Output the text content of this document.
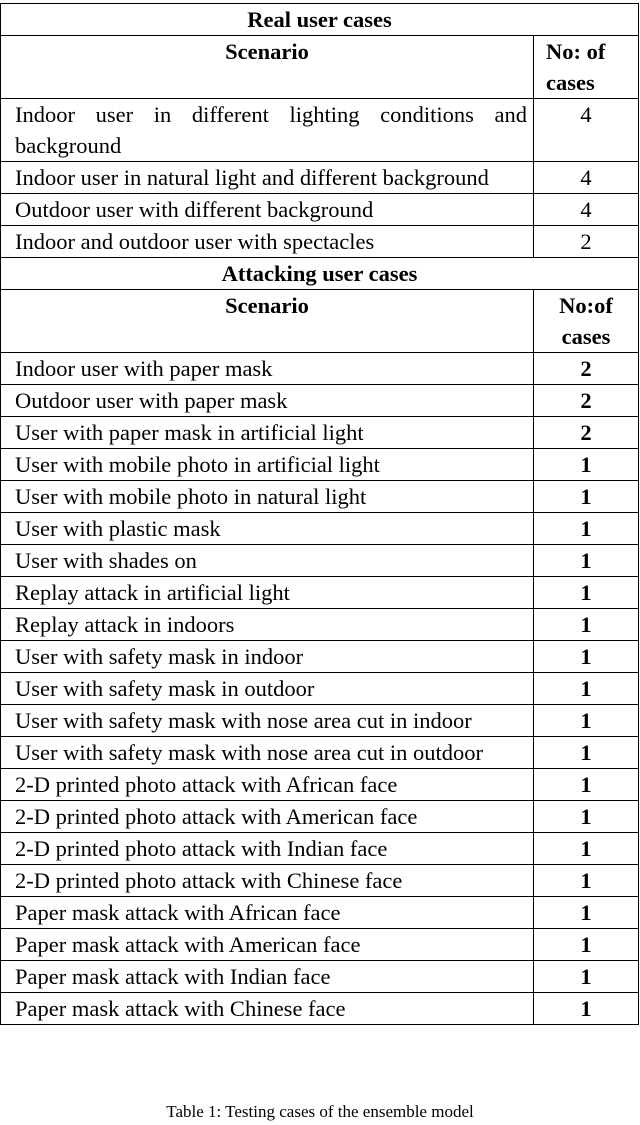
Real user cases	
Scenario	No: of cases
Indoor user in different lighting conditions and background	4
Indoor user in natural light and different background	4
Outdoor user with different background	4
Indoor and outdoor user with spectacles	2
Attacking user cases	
Scenario	No:of cases
Indoor user with paper mask	2
Outdoor user with paper mask	2
User with paper mask in artificial light	2
User with mobile photo in artificial light	1
User with mobile photo in natural light	1
User with plastic mask	1
User with shades on	1
Replay attack in artificial light	1
Replay attack in indoors	1
User with safety mask in indoor	1
User with safety mask in outdoor	1
User with safety mask with nose area cut in indoor	1
User with safety mask with nose area cut in outdoor	1
2-D printed photo attack with African face	1
2-D printed photo attack with American face	1
2-D printed photo attack with Indian face	1
2-D printed photo attack with Chinese face	1
Paper mask attack with African face	1
Paper mask attack with American face	1
Paper mask attack with Indian face	1
Paper mask attack with Chinese face	1
Table 1: Testing cases of the ensemble model
